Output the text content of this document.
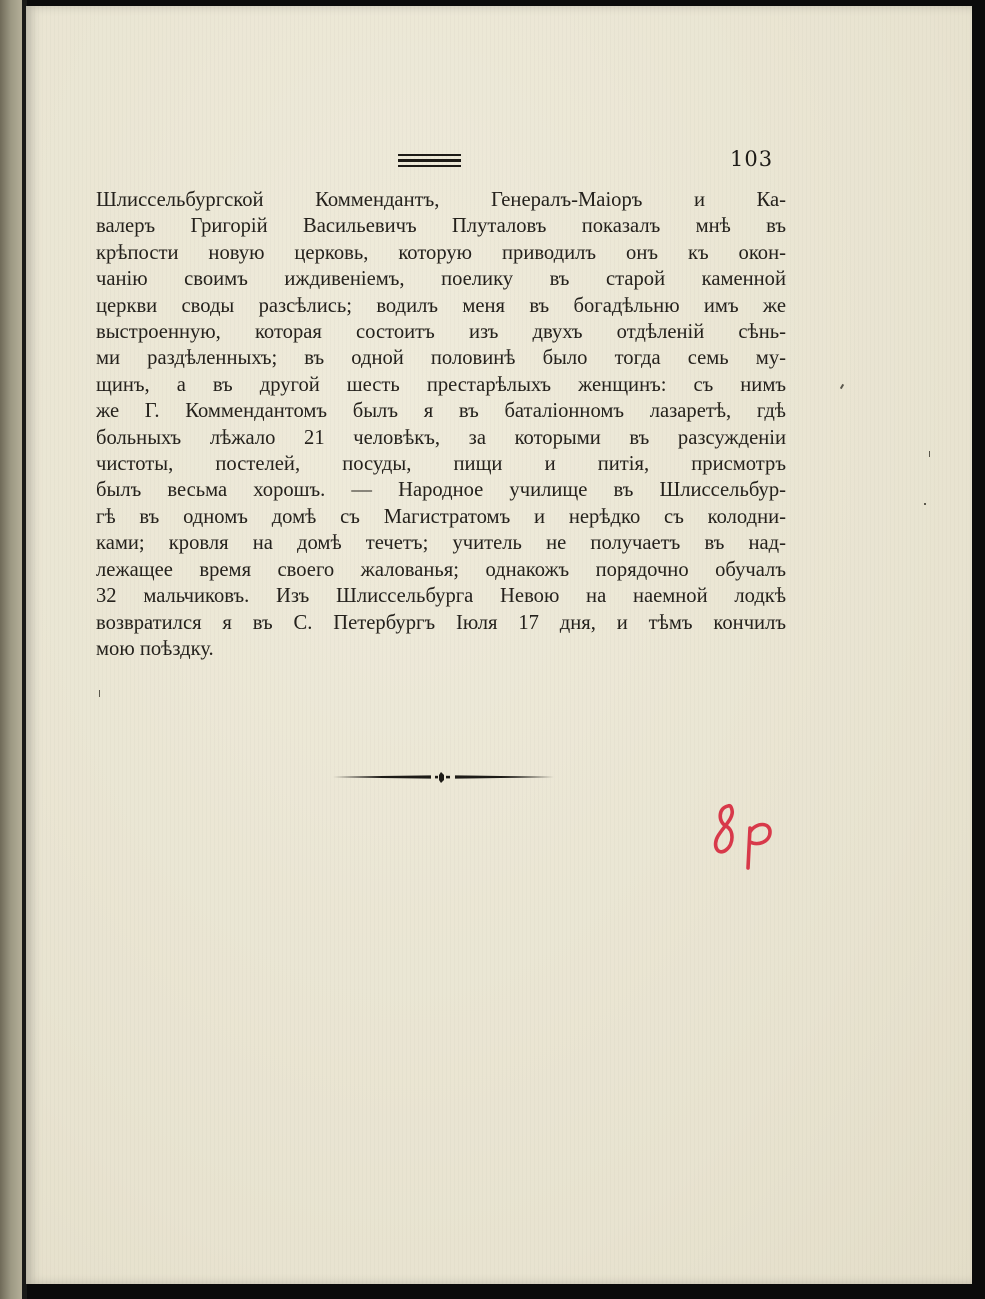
103
Шлиссельбургской Коммендантъ, Генералъ-Маіоръ и Ка-
валеръ Григорій Васильевичъ Плуталовъ показалъ мнѣ въ
крѣпости новую церковь, которую приводилъ онъ къ окон-
чанію своимъ иждивеніемъ, поелику въ старой каменной
церкви своды разсѣлись; водилъ меня въ богадѣльню имъ же
выстроенную, которая состоитъ изъ двухъ отдѣленій сѣнь-
ми раздѣленныхъ; въ одной половинѣ было тогда семь му-
щинъ, а въ другой шесть престарѣлыхъ женщинъ: съ нимъ
же Г. Коммендантомъ былъ я въ баталіонномъ лазаретѣ, гдѣ
больныхъ лѣжало 21 человѣкъ, за которыми въ разсужденіи
чистоты, постелей, посуды, пищи и питія, присмотръ
былъ весьма хорошъ. — Народное училище въ Шлиссельбур-
гѣ въ одномъ домѣ съ Магистратомъ и нерѣдко съ колодни-
ками; кровля на домѣ течетъ; учитель не получаетъ въ над-
лежащее время своего жалованья; однакожъ порядочно обучалъ
32 мальчиковъ. Изъ Шлиссельбурга Невою на наемной лодкѣ
возвратился я въ С. Петербургъ Іюля 17 дня, и тѣмъ кончилъ
мою поѣздку.
